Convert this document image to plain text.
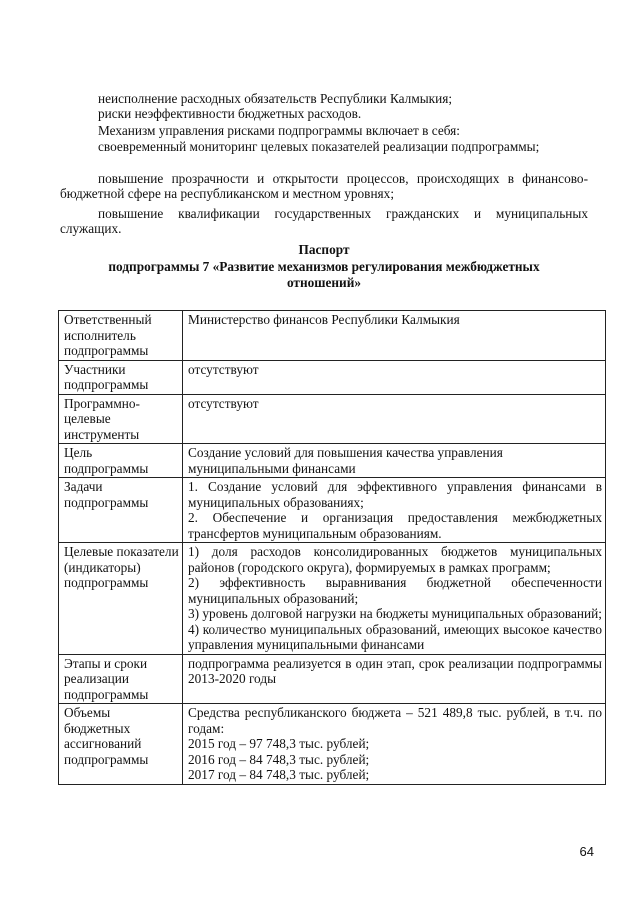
неисполнение расходных обязательств Республики Калмыкия;

риски неэффективности бюджетных расходов.

Механизм управления рисками подпрограммы включает в себя:

своевременный мониторинг целевых показателей реализации подпрограммы;

повышение прозрачности и открытости процессов, происходящих в финансово-бюджетной сфере на республиканском и местном уровнях;

повышение квалификации государственных гражданских и муниципальных служащих.

Паспорт

подпрограммы 7 «Развитие механизмов регулирования межбюджетных отношений»

Ответственный исполнитель подпрограммы	Министерство финансов Республики Калмыкия

Участники подпрограммы	отсутствуют

Программно-целевые инструменты	отсутствуют

Цель подпрограммы	Создание условий для повышения качества управления муниципальными финансами

Задачи подпрограммы	1. Создание условий для эффективного управления финансами в муниципальных образованиях;
2. Обеспечение и организация предоставления межбюджетных трансфертов муниципальным образованиям.

Целевые показатели (индикаторы) подпрограммы	1) доля расходов консолидированных бюджетов муниципальных районов (городского округа), формируемых в рамках программ;
2) эффективность выравнивания бюджетной обеспеченности муниципальных образований;
3) уровень долговой нагрузки на бюджеты муниципальных образований;
4) количество муниципальных образований, имеющих высокое качество управления муниципальными финансами

Этапы и сроки реализации подпрограммы	подпрограмма реализуется в один этап, срок реализации подпрограммы 2013-2020 годы

Объемы бюджетных ассигнований подпрограммы	Средства республиканского бюджета – 521 489,8 тыс. рублей, в т.ч. по годам:
2015 год – 97 748,3 тыс. рублей;
2016 год – 84 748,3 тыс. рублей;
2017 год – 84 748,3 тыс. рублей;
64
